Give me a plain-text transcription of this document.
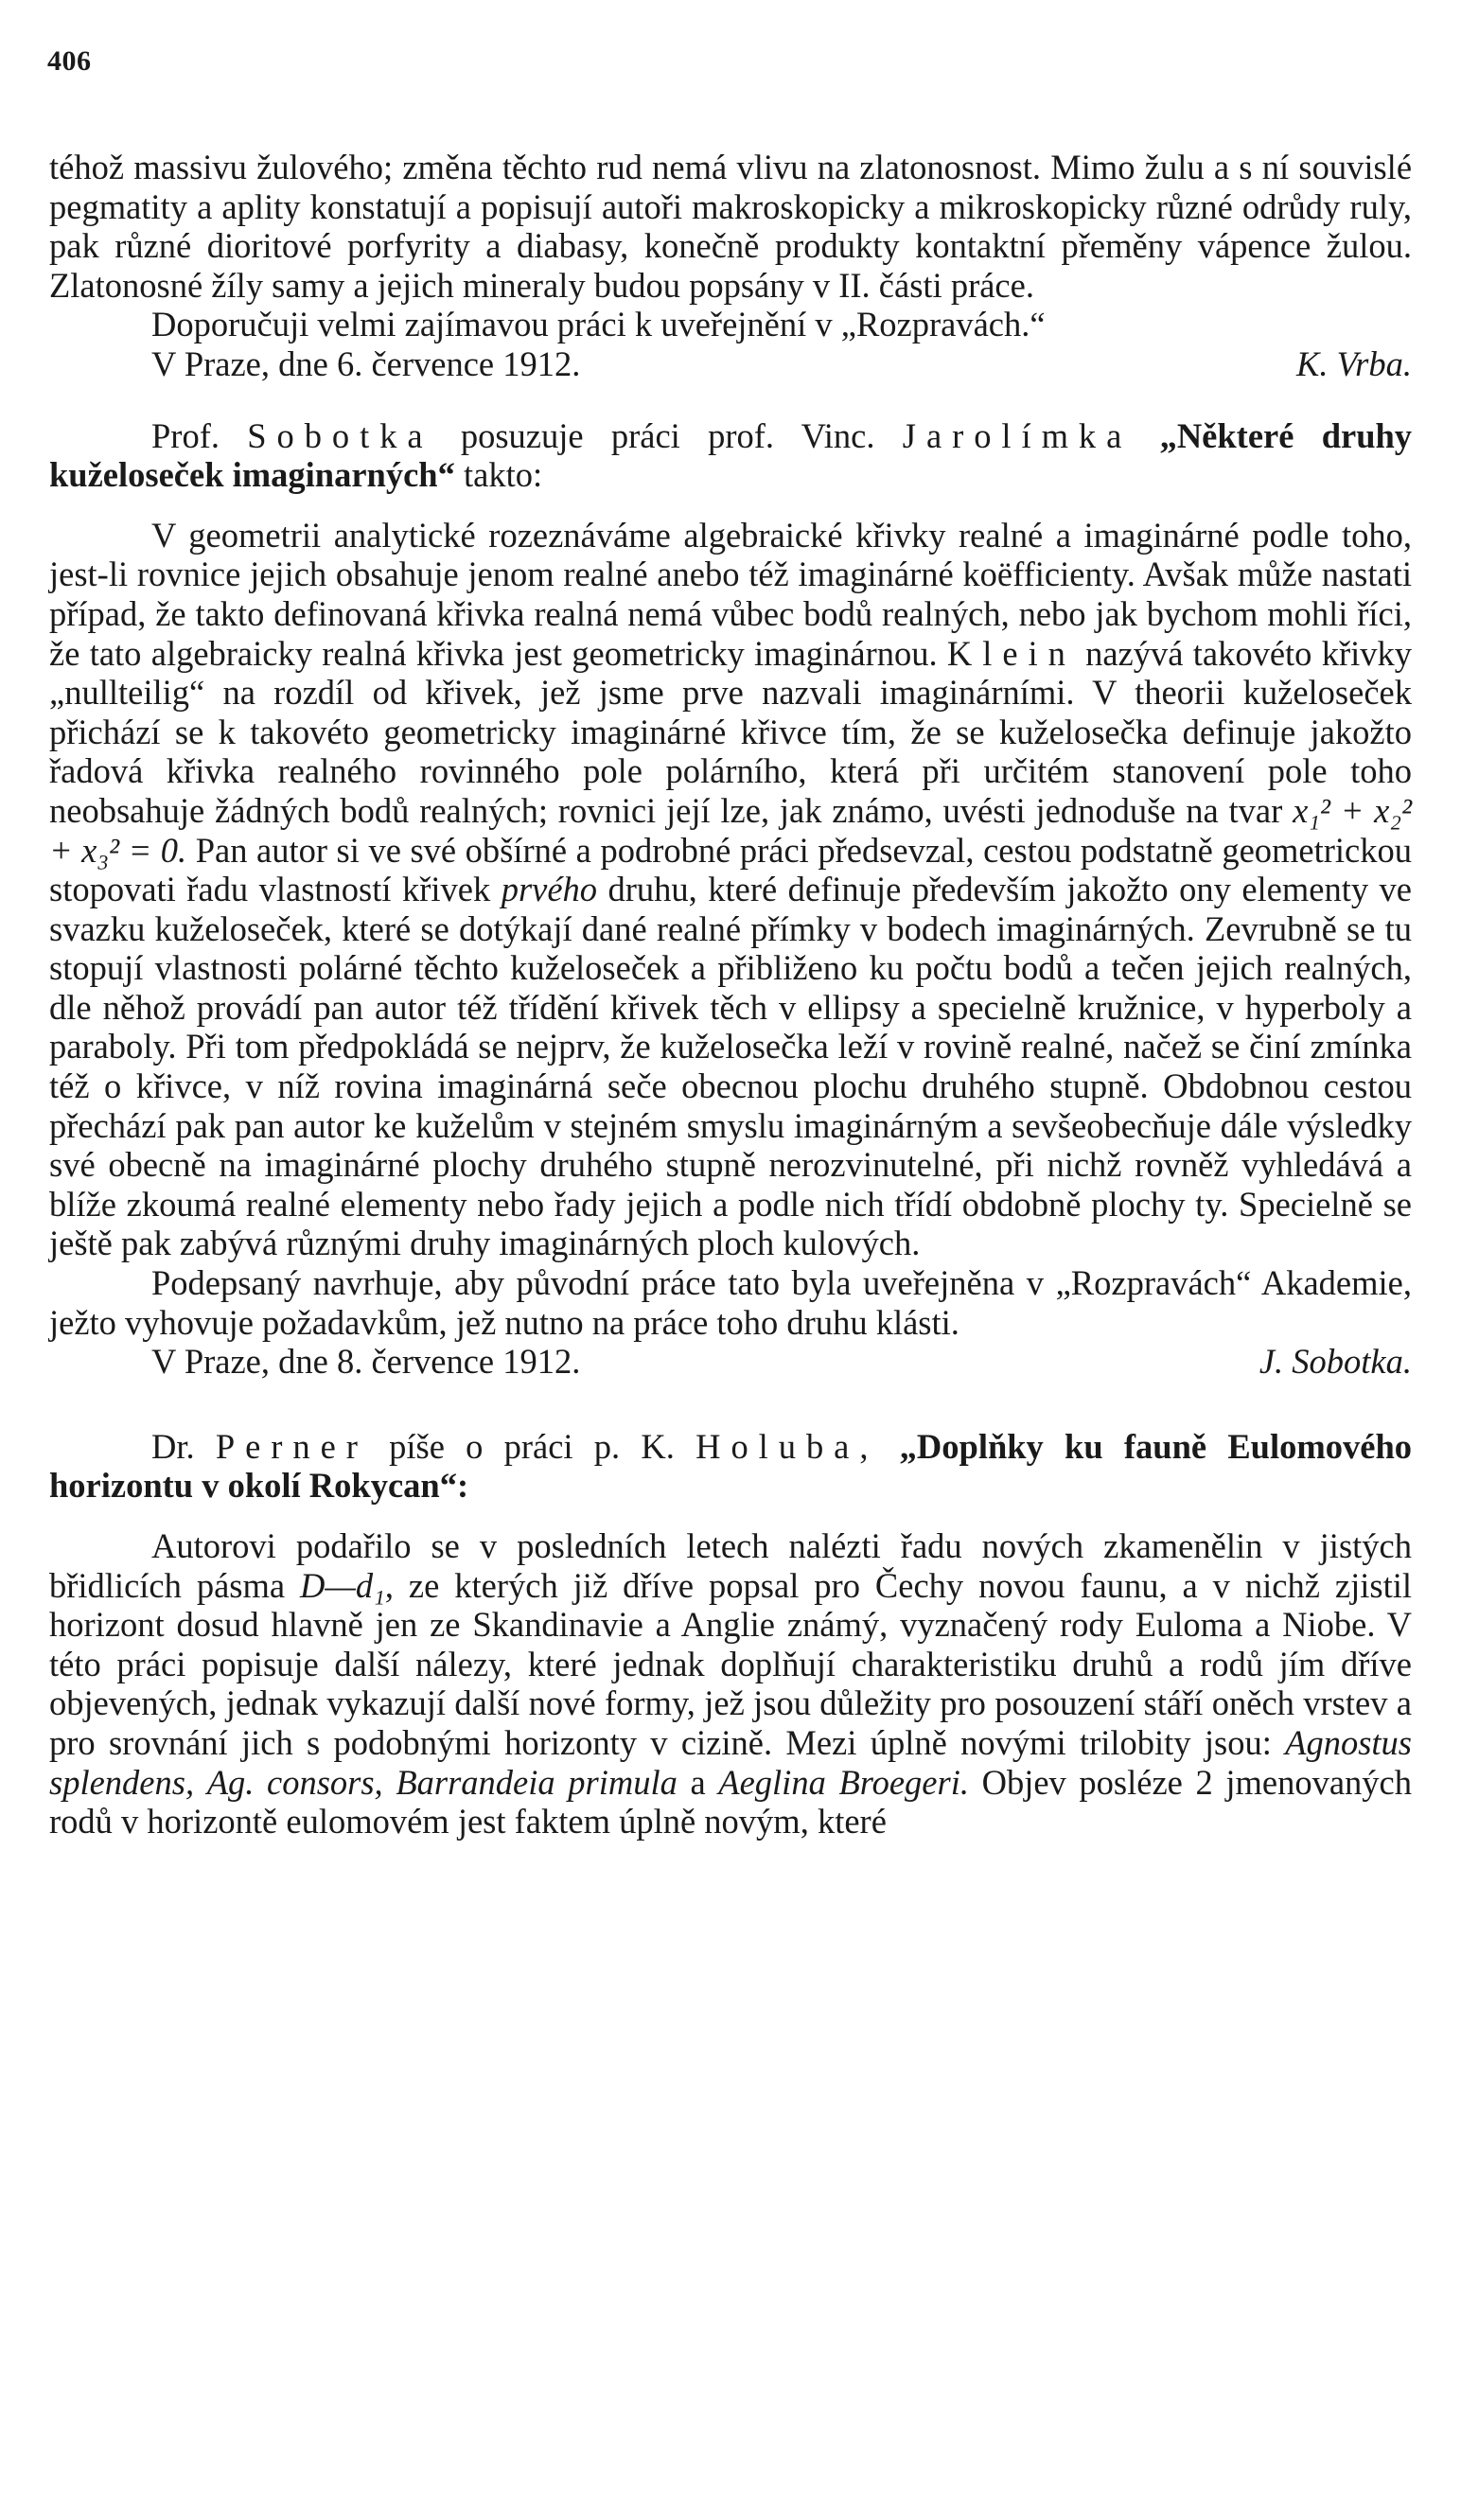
406

téhož massivu žulového; změna těchto rud nemá vlivu na zlatonosnost. Mimo žulu a s ní souvislé pegmatity a aplity konstatují a popisují autoři makroskopicky a mikroskopicky různé odrůdy ruly, pak různé dioritové porfyrity a diabasy, konečně produkty kontaktní přeměny vápence žulou. Zlatonosné žíly samy a jejich mineraly budou popsány v II. části práce.

Doporučuji velmi zajímavou práci k uveřejnění v „Rozpravách.“

V Praze, dne 6. července 1912.	K. Vrba.

Prof. Sobotka posuzuje práci prof. Vinc. Jarolímka „Některé druhy kuželoseček imaginarných“ takto:

V geometrii analytické rozeznáváme algebraické křivky realné a imaginárné podle toho, jest-li rovnice jejich obsahuje jenom realné anebo též imaginárné koëfficienty. Avšak může nastati případ, že takto definovaná křivka realná nemá vůbec bodů realných, nebo jak bychom mohli říci, že tato algebraicky realná křivka jest geometricky imaginárnou. Klein nazývá takovéto křivky „nullteilig“ na rozdíl od křivek, jež jsme prve nazvali imaginárními. V theorii kuželoseček přichází se k takovéto geometricky imaginárné křivce tím, že se kuželosečka definuje jakožto řadová křivka realného rovinného pole polárního, která při určitém stanovení pole toho neobsahuje žádných bodů realných; rovnici její lze, jak známo, uvésti jednoduše na tvar x₁² + x₂² + x₃² = 0. Pan autor si ve své obšírné a podrobné práci předsevzal, cestou podstatně geometrickou stopovati řadu vlastností křivek prvého druhu, které definuje především jakožto ony elementy ve svazku kuželoseček, které se dotýkají dané realné přímky v bodech imaginárných. Zevrubně se tu stopují vlastnosti polárné těchto kuželoseček a přibliženo ku počtu bodů a tečen jejich realných, dle něhož provádí pan autor též třídění křivek těch v ellipsy a specielně kružnice, v hyperboly a paraboly. Při tom předpokládá se nejprv, že kuželosečka leží v rovině realné, načež se činí zmínka též o křivce, v níž rovina imaginárná seče obecnou plochu druhého stupně. Obdobnou cestou přechází pak pan autor ke kuželům v stejném smyslu imaginárným a sevšeobecňuje dále výsledky své obecně na imaginárné plochy druhého stupně nerozvinutelné, při nichž rovněž vyhledává a blíže zkoumá realné elementy nebo řady jejich a podle nich třídí obdobně plochy ty. Specielně se ještě pak zabývá různými druhy imaginárných ploch kulových.

Podepsaný navrhuje, aby původní práce tato byla uveřejněna v „Rozpravách“ Akademie, ježto vyhovuje požadavkům, jež nutno na práce toho druhu klásti.

V Praze, dne 8. července 1912.	J. Sobotka.

Dr. Perner píše o práci p. K. Holuba, „Doplňky ku fauně Eulomového horizontu v okolí Rokycan“:

Autorovi podařilo se v posledních letech nalézti řadu nových zkamenělin v jistých břidlicích pásma D—d₁, ze kterých již dříve popsal pro Čechy novou faunu, a v nichž zjistil horizont dosud hlavně jen ze Skandinavie a Anglie známý, vyznačený rody Euloma a Niobe. V této práci popisuje další nálezy, které jednak doplňují charakteristiku druhů a rodů jím dříve objevených, jednak vykazují další nové formy, jež jsou důležity pro posouzení stáří oněch vrstev a pro srovnání jich s podobnými horizonty v cizině. Mezi úplně novými trilobity jsou: Agnostus splendens, Ag. consors, Barrandeia primula a Aeglina Broegeri. Objev posléze 2 jmenovaných rodů v horizontě eulomovém jest faktem úplně novým, které
